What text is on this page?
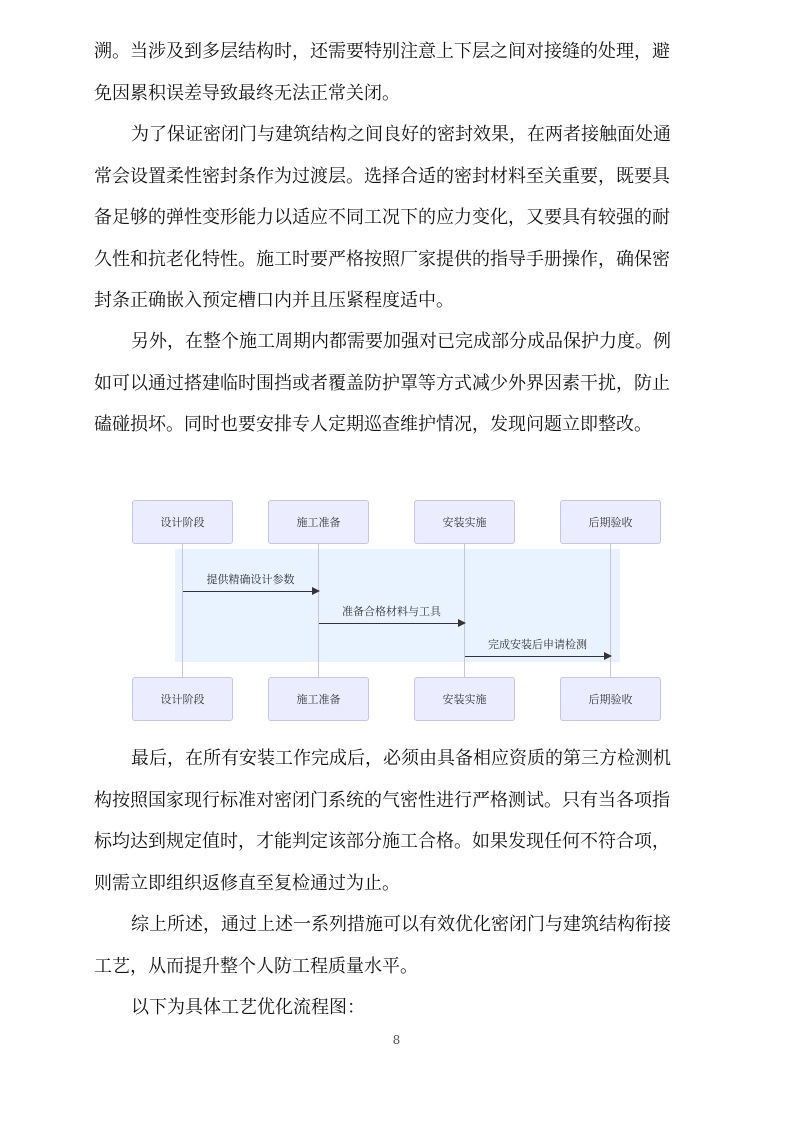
溯。当涉及到多层结构时，还需要特别注意上下层之间对接缝的处理，避
免因累积误差导致最终无法正常关闭。
为了保证密闭门与建筑结构之间良好的密封效果，在两者接触面处通
常会设置柔性密封条作为过渡层。选择合适的密封材料至关重要，既要具
备足够的弹性变形能力以适应不同工况下的应力变化，又要具有较强的耐
久性和抗老化特性。施工时要严格按照厂家提供的指导手册操作，确保密
封条正确嵌入预定槽口内并且压紧程度适中。
另外，在整个施工周期内都需要加强对已完成部分成品保护力度。例
如可以通过搭建临时围挡或者覆盖防护罩等方式减少外界因素干扰，防止
磕碰损坏。同时也要安排专人定期巡查维护情况，发现问题立即整改。
设计阶段	施工准备	安装实施	后期验收
提供精确设计参数
准备合格材料与工具
完成安装后申请检测
设计阶段	施工准备	安装实施	后期验收
最后，在所有安装工作完成后，必须由具备相应资质的第三方检测机
构按照国家现行标准对密闭门系统的气密性进行严格测试。只有当各项指
标均达到规定值时，才能判定该部分施工合格。如果发现任何不符合项，
则需立即组织返修直至复检通过为止。
综上所述，通过上述一系列措施可以有效优化密闭门与建筑结构衔接
工艺，从而提升整个人防工程质量水平。
以下为具体工艺优化流程图：
8
